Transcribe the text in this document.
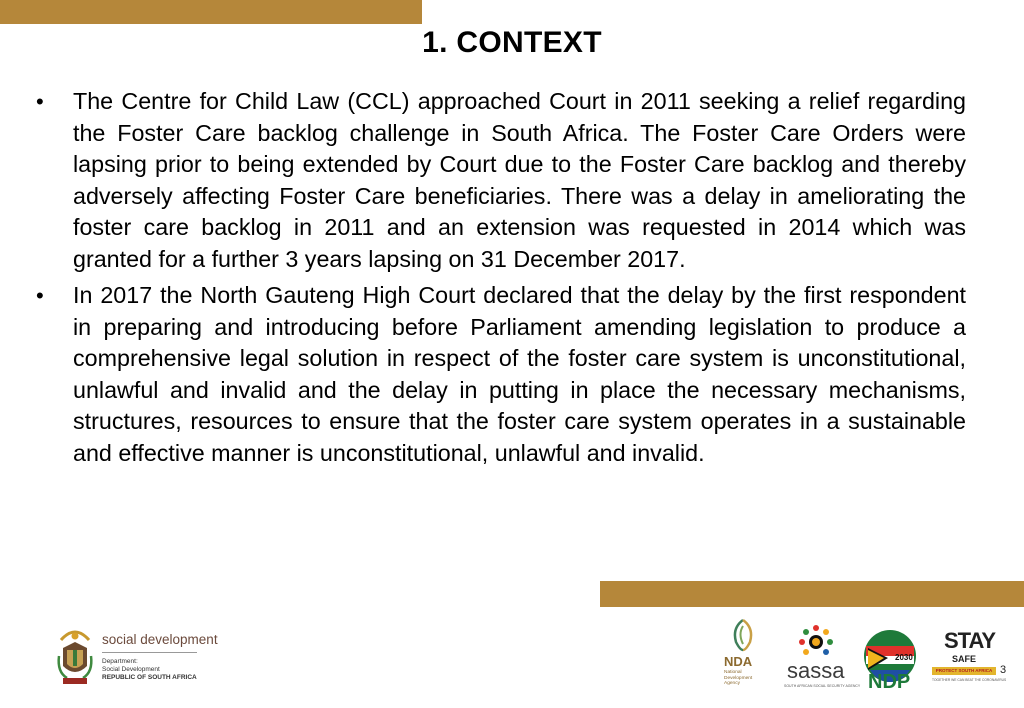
1. CONTEXT
• The Centre for Child Law (CCL) approached Court in 2011 seeking a relief regarding the Foster Care backlog challenge in South Africa. The Foster Care Orders were lapsing prior to being extended by Court due to the Foster Care backlog and thereby adversely affecting Foster Care beneficiaries. There was a delay in ameliorating the foster care backlog in 2011 and an extension was requested in 2014 which was granted for a further 3 years lapsing on 31 December 2017.
• In 2017 the North Gauteng High Court declared that the delay by the first respondent in preparing and introducing before Parliament amending legislation to produce a comprehensive legal solution in respect of the foster care system is unconstitutional, unlawful and invalid and the delay in putting in place the necessary mechanisms, structures, resources to ensure that the foster care system operates in a sustainable and effective manner is unconstitutional, unlawful and invalid.
social development
Department:
Social Development
REPUBLIC OF SOUTH AFRICA
NDA
National
Development
Agency
sassa
SOUTH AFRICAN SOCIAL SECURITY AGENCY
2030
NDP
STAY
SAFE
PROTECT SOUTH AFRICA
TOGETHER WE CAN BEAT THE CORONAVIRUS
3
